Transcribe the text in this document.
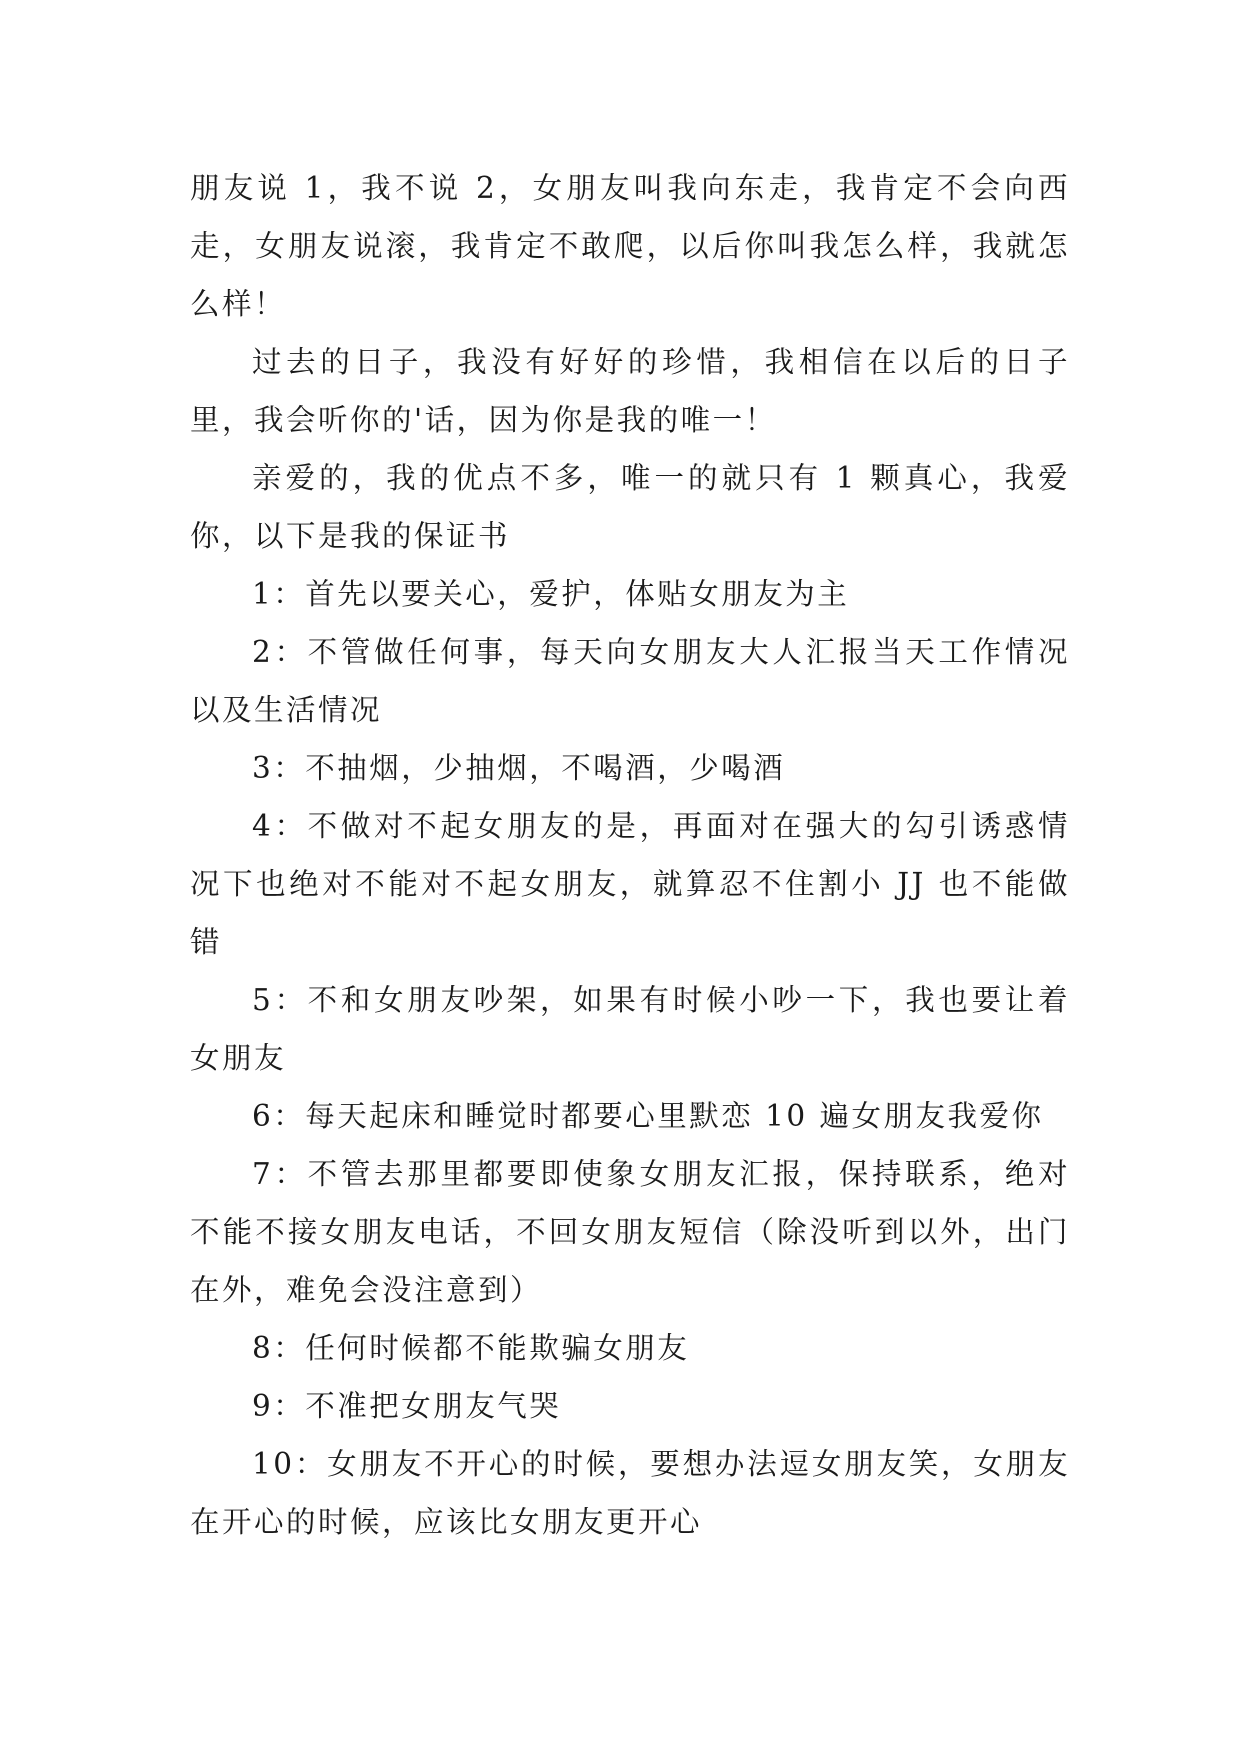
朋友说 1，我不说 2，女朋友叫我向东走，我肯定不会向西走，女朋友说滚，我肯定不敢爬，以后你叫我怎么样，我就怎么样！

过去的日子，我没有好好的珍惜，我相信在以后的日子里，我会听你的'话，因为你是我的唯一！

亲爱的，我的优点不多，唯一的就只有 1 颗真心，我爱你，以下是我的保证书

1：首先以要关心，爱护，体贴女朋友为主

2：不管做任何事，每天向女朋友大人汇报当天工作情况以及生活情况

3：不抽烟，少抽烟，不喝酒，少喝酒

4：不做对不起女朋友的是，再面对在强大的勾引诱惑情况下也绝对不能对不起女朋友，就算忍不住割小 JJ 也不能做错

5：不和女朋友吵架，如果有时候小吵一下，我也要让着女朋友

6：每天起床和睡觉时都要心里默恋 10 遍女朋友我爱你

7：不管去那里都要即使象女朋友汇报，保持联系，绝对不能不接女朋友电话，不回女朋友短信（除没听到以外，出门在外，难免会没注意到）

8：任何时候都不能欺骗女朋友

9：不准把女朋友气哭

10：女朋友不开心的时候，要想办法逗女朋友笑，女朋友在开心的时候，应该比女朋友更开心
